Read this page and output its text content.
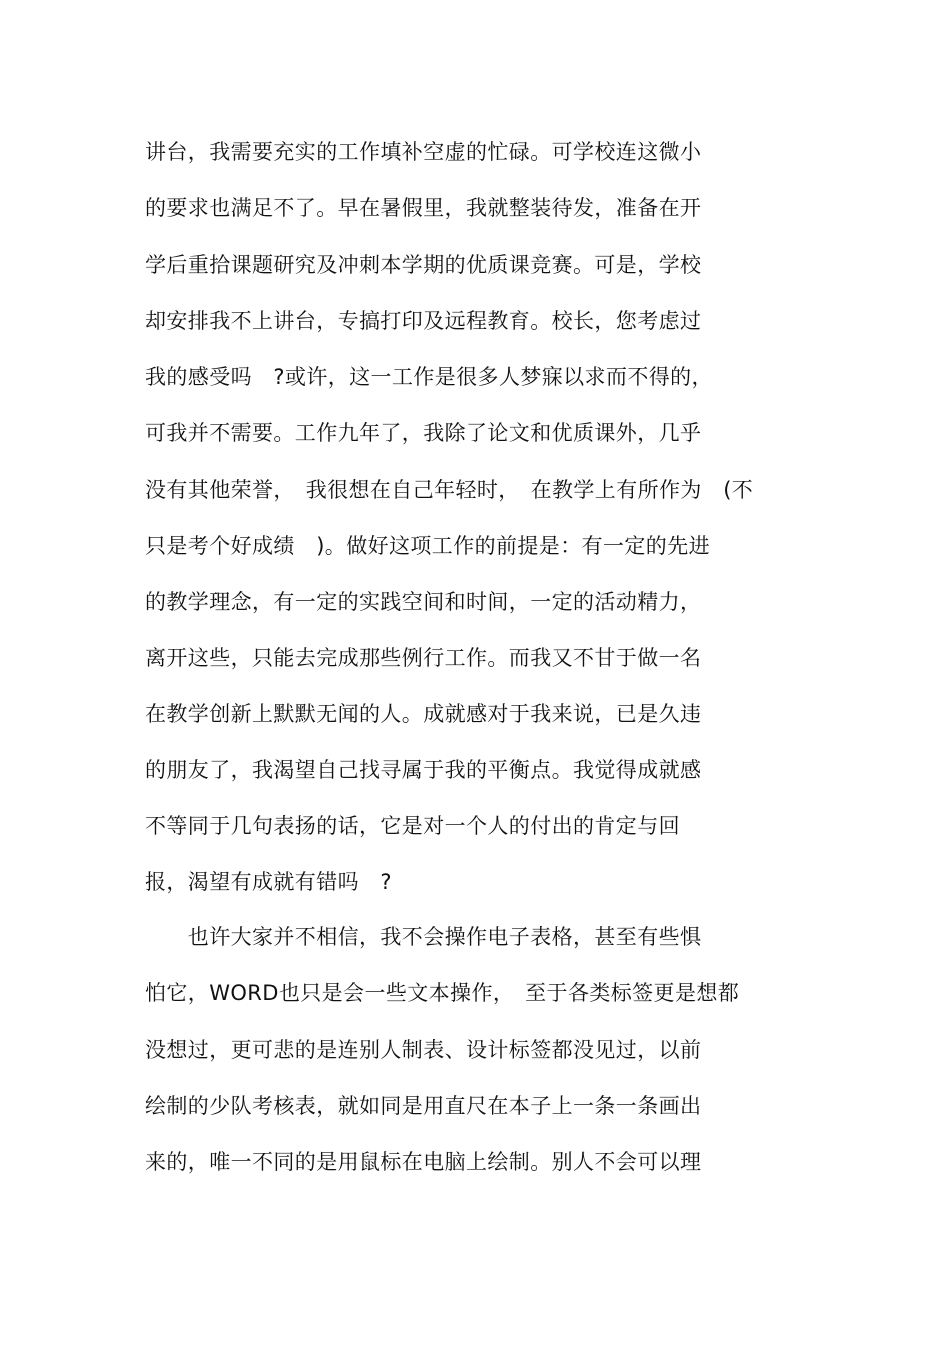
讲台，我需要充实的工作填补空虚的忙碌。可学校连这微小
的要求也满足不了。早在暑假里，我就整装待发，准备在开
学后重拾课题研究及冲刺本学期的优质课竞赛。可是，学校
却安排我不上讲台，专搞打印及远程教育。校长，您考虑过
我的感受吗　?或许，这一工作是很多人梦寐以求而不得的，
可我并不需要。工作九年了，我除了论文和优质课外，几乎
没有其他荣誉，　我很想在自己年轻时，　在教学上有所作为　(不
只是考个好成绩　)。做好这项工作的前提是：有一定的先进
的教学理念，有一定的实践空间和时间，一定的活动精力，
离开这些，只能去完成那些例行工作。而我又不甘于做一名
在教学创新上默默无闻的人。成就感对于我来说，已是久违
的朋友了，我渴望自己找寻属于我的平衡点。我觉得成就感
不等同于几句表扬的话，它是对一个人的付出的肯定与回
报，渴望有成就有错吗　?
　　也许大家并不相信，我不会操作电子表格，甚至有些惧
怕它，WORD也只是会一些文本操作，　至于各类标签更是想都
没想过，更可悲的是连别人制表、设计标签都没见过，以前
绘制的少队考核表，就如同是用直尺在本子上一条一条画出
来的，唯一不同的是用鼠标在电脑上绘制。别人不会可以理
